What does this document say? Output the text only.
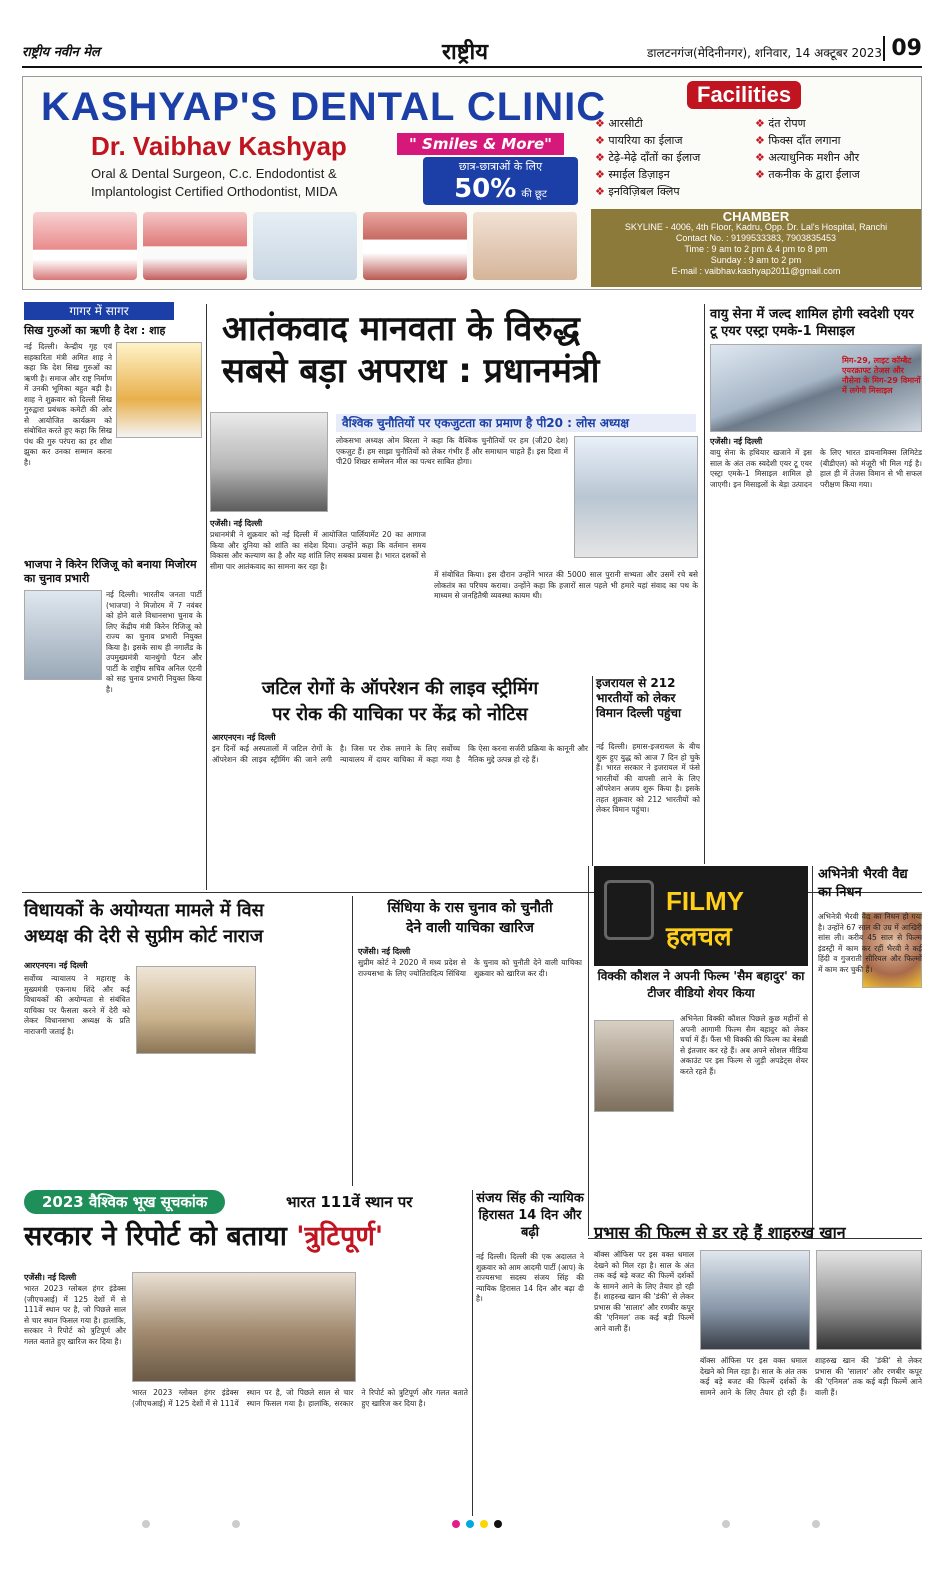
राष्ट्रीय नवीन मेल	राष्ट्रीय	डालटनगंज(मेदिनीनगर), शनिवार, 14 अक्टूबर 2023 09
KASHYAP'S DENTAL CLINIC
Dr. Vaibhav Kashyap
Oral & Dental Surgeon, C.c. Endodontist &
Implantologist Certified Orthodontist, MIDA
" Smiles & More"
छात्र-छात्राओं के लिए
50% की छूट
Facilities
❖ आरसीटी
❖ पायरिया का ईलाज
❖ टेढ़े-मेढ़े दाँतों का ईलाज
❖ स्माईल डिज़ाइन
❖ इनविज़िबल क्लिप
❖ दंत रोपण
❖ फिक्स दाँत लगाना
❖ अत्याधुनिक मशीन और
❖ तकनीक के द्वारा ईलाज
CHAMBER
SKYLINE - 4006, 4th Floor, Kadru, Opp. Dr. Lal's Hospital, Ranchi
Contact No. : 9199533383, 7903835453
Time : 9 am to 2 pm & 4 pm to 8 pm
Sunday : 9 am to 2 pm
E-mail : vaibhav.kashyap2011@gmail.com
गागर में सागर
सिख गुरुओं का ऋणी है देश : शाह
नई दिल्ली। केन्द्रीय गृह एवं सहकारिता मंत्री अमित शाह ने कहा कि देश सिख गुरुओं का ऋणी है। समाज और राष्ट्र निर्माण में उनकी भूमिका बहुत बड़ी है। शाह ने शुक्रवार को दिल्ली सिख गुरुद्वारा प्रबंधक कमेटी की ओर से आयोजित कार्यक्रम को संबोधित करते हुए कहा कि सिख पंथ की गुरु परंपरा का हर शीश झुका कर उनका सम्मान करना है।
भाजपा ने किरेन रिजिजू को बनाया मिजोरम का चुनाव प्रभारी
नई दिल्ली। भारतीय जनता पार्टी (भाजपा) ने मिजोरम में 7 नवंबर को होने वाले विधानसभा चुनाव के लिए केंद्रीय मंत्री किरेन रिजिजू को राज्य का चुनाव प्रभारी नियुक्त किया है। इसके साथ ही नगालैंड के उपमुख्यमंत्री यानथुंगो पैटन और पार्टी के राष्ट्रीय सचिव अनिल एंटनी को सह चुनाव प्रभारी नियुक्त किया है।
आतंकवाद मानवता के विरुद्ध
सबसे बड़ा अपराध : प्रधानमंत्री
वैश्विक चुनौतियों पर एकजुटता का प्रमाण है पी20 : लोस अध्यक्ष
लोकसभा अध्यक्ष ओम बिरला ने कहा कि वैश्विक चुनौतियों पर हम (जी20 देश) एकजुट हैं। हम साझा चुनौतियों को लेकर गंभीर हैं और समाधान चाहते हैं। इस दिशा में पी20 शिखर सम्मेलन मील का पत्थर साबित होगा।
एजेंसी। नई दिल्ली
प्रधानमंत्री ने शुक्रवार को नई दिल्ली में आयोजित पार्लियामेंट 20 का आगाज किया और दुनिया को शांति का संदेश दिया। उन्होंने कहा कि वर्तमान समय विकास और कल्याण का है और यह शांति लिए सबका प्रयास है। भारत दशकों से सीमा पार आतंकवाद का सामना कर रहा है।
में संबोधित किया। इस दौरान उन्होंने भारत की 5000 साल पुरानी सभ्यता और उसमें रचे बसे लोकतंत्र का परिचय कराया। उन्होंने कहा कि हजारों साल पहले भी हमारे यहां संवाद का पथ के माध्यम से जनहितैषी व्यवस्था कायम थी।
जटिल रोगों के ऑपरेशन की लाइव स्ट्रीमिंग
पर रोक की याचिका पर केंद्र को नोटिस
आरएनएन। नई दिल्ली
इन दिनों कई अस्पतालों में जटिल रोगों के ऑपरेशन की लाइव स्ट्रीमिंग की जाने लगी है। जिस पर रोक लगाने के लिए सर्वोच्च न्यायालय में दायर याचिका में कहा गया है कि ऐसा करना सर्जरी प्रक्रिया के कानूनी और नैतिक मुद्दे उत्पन्न हो रहे हैं।
इजरायल से 212 भारतीयों को लेकर विमान दिल्ली पहुंचा
नई दिल्ली। हमास-इजरायल के बीच शुरू हुए युद्ध को आज 7 दिन हो चुके हैं। भारत सरकार ने इजरायल में फंसे भारतीयों की वापसी लाने के लिए ऑपरेशन अजय शुरू किया है। इसके तहत शुक्रवार को 212 भारतीयों को लेकर विमान पहुंचा।
वायु सेना में जल्द शामिल होगी स्वदेशी एयर टू एयर एस्ट्रा एमके-1 मिसाइल
मिग-29, लाइट कॉम्बैट एयरक्राफ्ट तेजस और नौसेना के मिग-29 विमानों में लगेगी मिसाइल
एजेंसी। नई दिल्ली
वायु सेना के हथियार खजाने में इस साल के अंत तक स्वदेशी एयर टू एयर एस्ट्रा एमके-1 मिसाइल शामिल हो जाएगी। इन मिसाइलों के बेड़ा उत्पादन के लिए भारत डायनामिक्स लिमिटेड (बीडीएल) को मंजूरी भी मिल गई है। हाल ही में तेजस विमान से भी सफल परीक्षण किया गया।
विधायकों के अयोग्यता मामले में विस
अध्यक्ष की देरी से सुप्रीम कोर्ट नाराज
आरएनएन। नई दिल्ली
सर्वोच्च न्यायालय ने महाराष्ट्र के मुख्यमंत्री एकनाथ शिंदे और कई विधायकों की अयोग्यता से संबंधित याचिका पर फैसला करने में देरी को लेकर विधानसभा अध्यक्ष के प्रति नाराजगी जताई है।
सिंधिया के रास चुनाव को चुनौती
देने वाली याचिका खारिज
एजेंसी। नई दिल्ली
सुप्रीम कोर्ट ने 2020 में मध्य प्रदेश से राज्यसभा के लिए ज्योतिरादित्य सिंधिया के चुनाव को चुनौती देने वाली याचिका शुक्रवार को खारिज कर दी।
FILMY हलचल
विक्की कौशल ने अपनी फिल्म 'सैम बहादुर' का टीजर वीडियो शेयर किया
अभिनेता विक्की कौशल पिछले कुछ महीनों से अपनी आगामी फिल्म सैम बहादुर को लेकर चर्चा में हैं। फैंस भी विक्की की फिल्म का बेसब्री से इंतजार कर रहे हैं। अब अपने सोशल मीडिया अकाउंट पर इस फिल्म से जुड़ी अपडेट्स शेयर करते रहते हैं।
अभिनेत्री भैरवी वैद्य का निधन
अभिनेत्री भैरवी वैद्य का निधन हो गया है। उन्होंने 67 साल की उम्र में आखिरी सांस ली। करीब 45 साल से फिल्म इंडस्ट्री में काम कर रहीं भैरवी ने कई हिंदी व गुजराती सीरियल और फिल्मों में काम कर चुकी हैं।
2023 वैश्विक भूख सूचकांक	भारत 111वें स्थान पर
सरकार ने रिपोर्ट को बताया 'त्रुटिपूर्ण'
एजेंसी। नई दिल्ली
भारत 2023 ग्लोबल हंगर इंडेक्स (जीएचआई) में 125 देशों में से 111वें स्थान पर है, जो पिछले साल से चार स्थान फिसल गया है। हालांकि, सरकार ने रिपोर्ट को त्रुटिपूर्ण और गलत बताते हुए खारिज कर दिया है।
भारत 2023 ग्लोबल हंगर इंडेक्स (जीएचआई) में 125 देशों में से 111वें स्थान पर है, जो पिछले साल से चार स्थान फिसल गया है। हालांकि, सरकार ने रिपोर्ट को त्रुटिपूर्ण और गलत बताते हुए खारिज कर दिया है।
संजय सिंह की न्यायिक हिरासत 14 दिन और बढ़ी
नई दिल्ली। दिल्ली की एक अदालत ने शुक्रवार को आम आदमी पार्टी (आप) के राज्यसभा सदस्य संजय सिंह की न्यायिक हिरासत 14 दिन और बढ़ा दी है।
प्रभास की फिल्म से डर रहे हैं शाहरुख खान
बॉक्स ऑफिस पर इस वक्त धमाल देखने को मिल रहा है। साल के अंत तक कई बड़े बजट की फिल्में दर्शकों के सामने आने के लिए तैयार हो रही हैं। शाहरुख खान की 'डंकी' से लेकर प्रभास की 'सालार' और रणबीर कपूर की 'एनिमल' तक कई बड़ी फिल्में आने वाली हैं।
बॉक्स ऑफिस पर इस वक्त धमाल देखने को मिल रहा है। साल के अंत तक कई बड़े बजट की फिल्में दर्शकों के सामने आने के लिए तैयार हो रही हैं। शाहरुख खान की 'डंकी' से लेकर प्रभास की 'सालार' और रणबीर कपूर की 'एनिमल' तक कई बड़ी फिल्में आने वाली हैं।
